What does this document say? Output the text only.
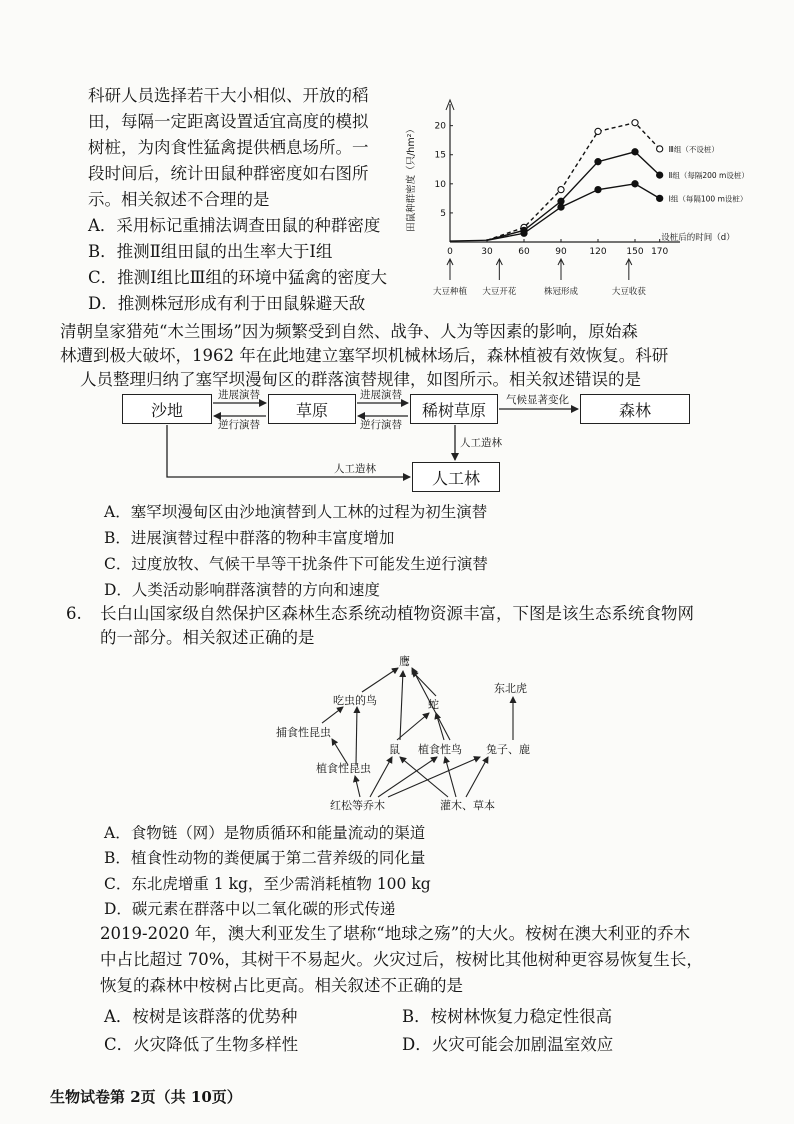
科研人员选择若干大小相似、开放的稻
田，每隔一定距离设置适宜高度的模拟
树桩，为肉食性猛禽提供栖息场所。一
段时间后，统计田鼠种群密度如右图所
示。相关叙述不合理的是
A．采用标记重捕法调查田鼠的种群密度
B．推测Ⅱ组田鼠的出生率大于Ⅰ组
C．推测Ⅰ组比Ⅲ组的环境中猛禽的密度大
D．推测株冠形成有利于田鼠躲避天敌
0	30	60	90	120 150 170
5
10
15
20
田鼠种群密度（只/hm²）
设桩后的时间（d）
Ⅲ组（不设桩）
Ⅱ组（每隔200 m设桩）
Ⅰ组（每隔100 m设桩）
大豆种植 大豆开花	株冠形成	大豆收获
清朝皇家猎苑“木兰围场”因为频繁受到自然、战争、人为等因素的影响，原始森
林遭到极大破坏，1962 年在此地建立塞罕坝机械林场后，森林植被有效恢复。科研
人员整理归纳了塞罕坝漫甸区的群落演替规律，如图所示。相关叙述错误的是
沙地	草原	稀树草原	森林
人工林
进展演替
逆行演替
进展演替
逆行演替
气候显著变化
人工造林
人工造林
A．塞罕坝漫甸区由沙地演替到人工林的过程为初生演替
B．进展演替过程中群落的物种丰富度增加
C．过度放牧、气候干旱等干扰条件下可能发生逆行演替
D．人类活动影响群落演替的方向和速度
6. 长白山国家级自然保护区森林生态系统动植物资源丰富，下图是该生态系统食物网
的一部分。相关叙述正确的是
鹰
吃虫的鸟	蛇
东北虎
捕食性昆虫
鼠 植食性鸟 兔子、鹿
植食性昆虫
红松等乔木	灌木、草本
A．食物链（网）是物质循环和能量流动的渠道
B．植食性动物的粪便属于第二营养级的同化量
C．东北虎增重 1 kg，至少需消耗植物 100 kg
D．碳元素在群落中以二氧化碳的形式传递
2019-2020 年，澳大利亚发生了堪称“地球之殇”的大火。桉树在澳大利亚的乔木
中占比超过 70%，其树干不易起火。火灾过后，桉树比其他树种更容易恢复生长，
恢复的森林中桉树占比更高。相关叙述不正确的是
A．桉树是该群落的优势种	B．桉树林恢复力稳定性很高
C．火灾降低了生物多样性	D．火灾可能会加剧温室效应
生物试卷第 2页（共 10页）
